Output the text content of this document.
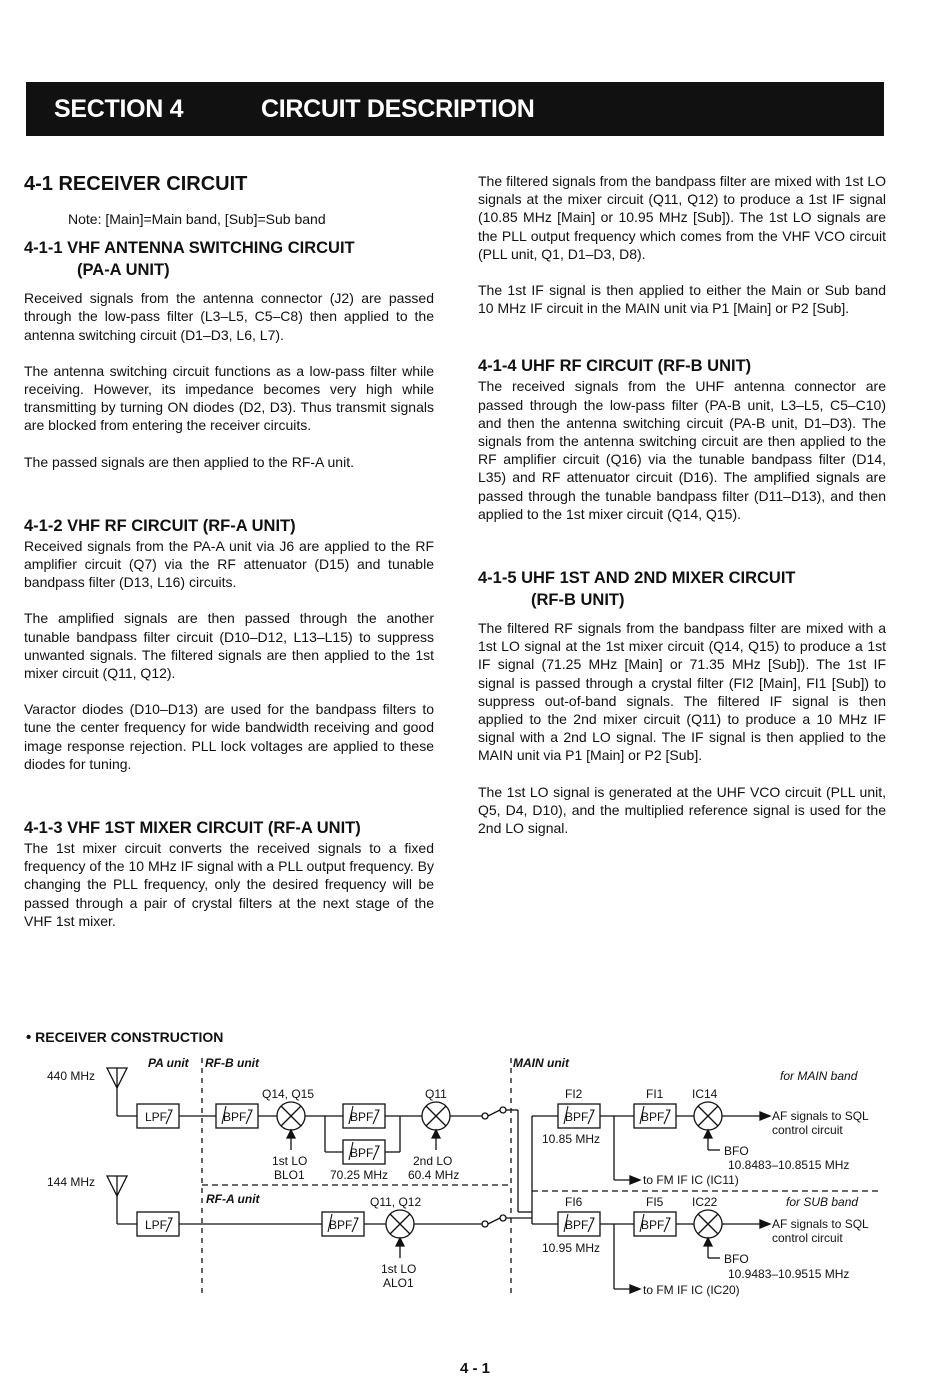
SECTION 4	CIRCUIT DESCRIPTION
4-1 RECEIVER CIRCUIT
Note: [Main]=Main band, [Sub]=Sub band
4-1-1 VHF ANTENNA SWITCHING CIRCUIT
(PA-A UNIT)

Received signals from the antenna connector (J2) are passed through the low-pass filter (L3–L5, C5–C8) then applied to the antenna switching circuit (D1–D3, L6, L7).

The antenna switching circuit functions as a low-pass filter while receiving. However, its impedance becomes very high while transmitting by turning ON diodes (D2, D3). Thus transmit signals are blocked from entering the receiver circuits.

The passed signals are then applied to the RF-A unit.

4-1-2 VHF RF CIRCUIT (RF-A UNIT)

Received signals from the PA-A unit via J6 are applied to the RF amplifier circuit (Q7) via the RF attenuator (D15) and tunable bandpass filter (D13, L16) circuits.

The amplified signals are then passed through the another tunable bandpass filter circuit (D10–D12, L13–L15) to suppress unwanted signals. The filtered signals are then applied to the 1st mixer circuit (Q11, Q12).

Varactor diodes (D10–D13) are used for the bandpass filters to tune the center frequency for wide bandwidth receiving and good image response rejection. PLL lock voltages are applied to these diodes for tuning.

4-1-3 VHF 1ST MIXER CIRCUIT (RF-A UNIT)

The 1st mixer circuit converts the received signals to a fixed frequency of the 10 MHz IF signal with a PLL output frequency. By changing the PLL frequency, only the desired frequency will be passed through a pair of crystal filters at the next stage of the VHF 1st mixer.

The filtered signals from the bandpass filter are mixed with 1st LO signals at the mixer circuit (Q11, Q12) to produce a 1st IF signal (10.85 MHz [Main] or 10.95 MHz [Sub]). The 1st LO signals are the PLL output frequency which comes from the VHF VCO circuit (PLL unit, Q1, D1–D3, D8).

The 1st IF signal is then applied to either the Main or Sub band 10 MHz IF circuit in the MAIN unit via P1 [Main] or P2 [Sub].

4-1-4 UHF RF CIRCUIT (RF-B UNIT)

The received signals from the UHF antenna connector are passed through the low-pass filter (PA-B unit, L3–L5, C5–C10) and then the antenna switching circuit (PA-B unit, D1–D3). The signals from the antenna switching circuit are then applied to the RF amplifier circuit (Q16) via the tunable bandpass filter (D14, L35) and RF attenuator circuit (D16). The amplified signals are passed through the tunable bandpass filter (D11–D13), and then applied to the 1st mixer circuit (Q14, Q15).

4-1-5 UHF 1ST AND 2ND MIXER CIRCUIT
(RF-B UNIT)

The filtered RF signals from the bandpass filter are mixed with a 1st LO signal at the 1st mixer circuit (Q14, Q15) to produce a 1st IF signal (71.25 MHz [Main] or 71.35 MHz [Sub]). The 1st IF signal is passed through a crystal filter (FI2 [Main], FI1 [Sub]) to suppress out-of-band signals. The filtered IF signal is then applied to the 2nd mixer circuit (Q11) to produce a 10 MHz IF signal with a 2nd LO signal. The IF signal is then applied to the MAIN unit via P1 [Main] or P2 [Sub].

The 1st LO signal is generated at the UHF VCO circuit (PLL unit, Q5, D4, D10), and the multiplied reference signal is used for the 2nd LO signal.

• RECEIVER CONSTRUCTION
PA unit RF-B unit
RF-A unit
MAIN unit
440 MHz
144 MHz
LPF	BPF	BPF
BPF
LPF	BPF
BPF	BPF
BPF	BPF
Q14, Q15	Q11
Q11, Q12
1st LO
BLO1
2nd LO
70.25 MHz 60.4 MHz
1st LO
ALO1
FI2	FI1 IC14
FI6	FI5 IC22
10.85 MHz
10.95 MHz
for MAIN band
for SUB band
AF signals to SQL
control circuit
AF signals to SQL
control circuit
BFO
10.8483–10.8515 MHz
BFO
10.9483–10.9515 MHz
to FM IF IC (IC11)
to FM IF IC (IC20)
4 - 1
